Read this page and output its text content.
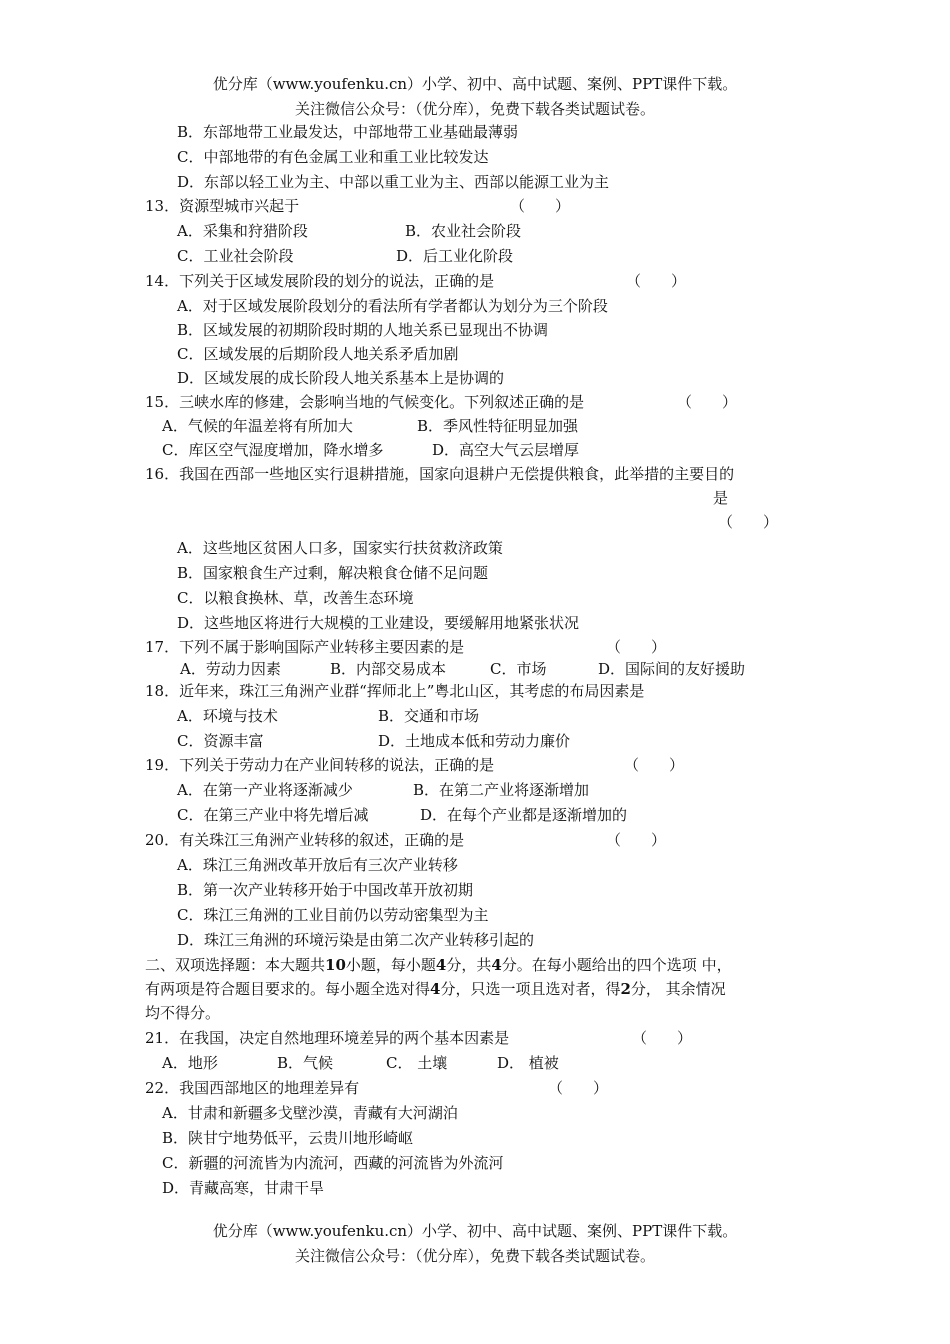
优分库（www.youfenku.cn）小学、初中、高中试题、案例、PPT课件下载。
关注微信公众号：（优分库），免费下载各类试题试卷。
B．东部地带工业最发达，中部地带工业基础最薄弱
C．中部地带的有色金属工业和重工业比较发达
D．东部以轻工业为主、中部以重工业为主、西部以能源工业为主
13．资源型城市兴起于	（　　）
A．采集和狩猎阶段	B．农业社会阶段
C．工业社会阶段	D．后工业化阶段
14．下列关于区域发展阶段的划分的说法，正确的是	（　　）
A．对于区域发展阶段划分的看法所有学者都认为划分为三个阶段
B．区域发展的初期阶段时期的人地关系已显现出不协调
C．区域发展的后期阶段人地关系矛盾加剧
D．区域发展的成长阶段人地关系基本上是协调的
15．三峡水库的修建，会影响当地的气候变化。下列叙述正确的是	（　　）
A．气候的年温差将有所加大	B．季风性特征明显加强
C．库区空气湿度增加，降水增多	D．高空大气云层增厚
16．我国在西部一些地区实行退耕措施，国家向退耕户无偿提供粮食，此举措的主要目的
是
（　　）
A．这些地区贫困人口多，国家实行扶贫救济政策
B．国家粮食生产过剩，解决粮食仓储不足问题
C．以粮食换林、草，改善生态环境
D．这些地区将进行大规模的工业建设，要缓解用地紧张状况
17．下列不属于影响国际产业转移主要因素的是	（　　）
A．劳动力因素	B．内部交易成本	C．市场	D．国际间的友好援助
18．近年来，珠江三角洲产业群“挥师北上”粤北山区，其考虑的布局因素是
A．环境与技术	B．交通和市场
C．资源丰富	D．土地成本低和劳动力廉价
19．下列关于劳动力在产业间转移的说法，正确的是	（　　）
A．在第一产业将逐渐减少	B．在第二产业将逐渐增加
C．在第三产业中将先增后减	D．在每个产业都是逐渐增加的
20．有关珠江三角洲产业转移的叙述，正确的是	（　　）
A．珠江三角洲改革开放后有三次产业转移
B．第一次产业转移开始于中国改革开放初期
C．珠江三角洲的工业目前仍以劳动密集型为主
D．珠江三角洲的环境污染是由第二次产业转移引起的
二、双项选择题：本大题共10小题，每小题4分，共4分。在每小题给出的四个选项 中，
有两项是符合题目要求的。每小题全选对得4分，只选一项且选对者，得2分， 其余情况
均不得分。
21．在我国，决定自然地理环境差异的两个基本因素是	（　　）
A．地形	B．气候	C． 土壤	D． 植被
22．我国西部地区的地理差异有	（　　）
A．甘肃和新疆多戈壁沙漠，青藏有大河湖泊
B．陕甘宁地势低平，云贵川地形崎岖
C．新疆的河流皆为内流河，西藏的河流皆为外流河
D．青藏高寒，甘肃干旱
优分库（www.youfenku.cn）小学、初中、高中试题、案例、PPT课件下载。
关注微信公众号：（优分库），免费下载各类试题试卷。
